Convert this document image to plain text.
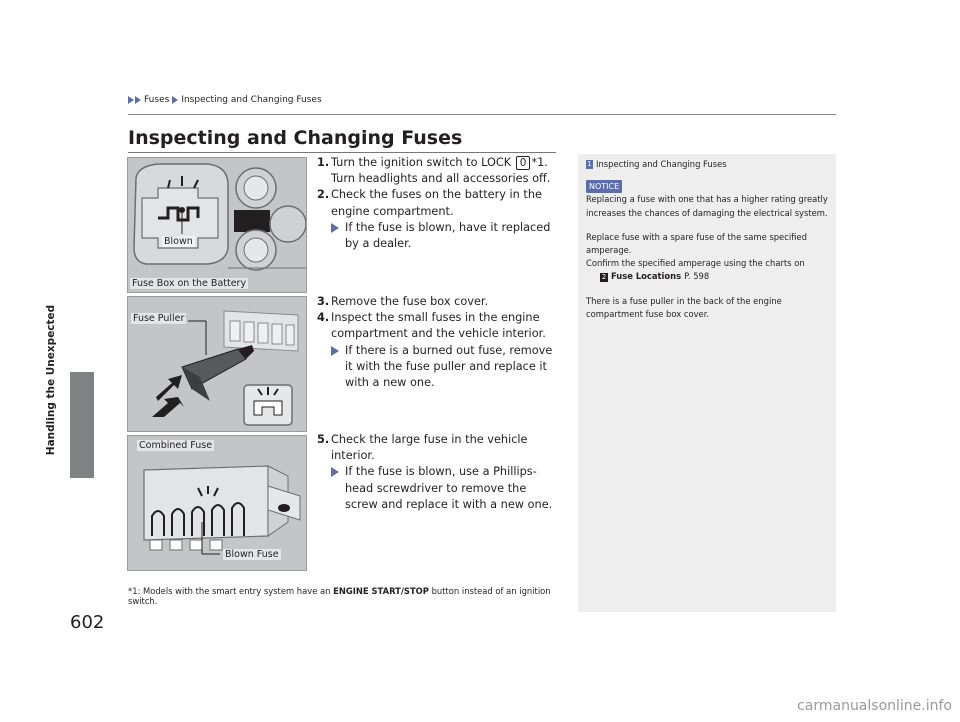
Fuses Inspecting and Changing Fuses
Handling the Unexpected
602
Inspecting and Changing Fuses
Blown
Fuse Box on the Battery
Fuse Puller
Combined Fuse
Blown Fuse
1. Turn the ignition switch to LOCK 0 *1. Turn headlights and all accessories off.
2. Check the fuses on the battery in the engine compartment.
If the fuse is blown, have it replaced by a dealer.
3. Remove the fuse box cover.
4. Inspect the small fuses in the engine compartment and the vehicle interior.
If there is a burned out fuse, remove it with the fuse puller and replace it with a new one.
5. Check the large fuse in the vehicle interior.
If the fuse is blown, use a Phillips-head screwdriver to remove the screw and replace it with a new one.
*1: Models with the smart entry system have an ENGINE START/STOP button instead of an ignition switch.
1 Inspecting and Changing Fuses
NOTICE
Replacing a fuse with one that has a higher rating greatly increases the chances of damaging the electrical system.
Replace fuse with a spare fuse of the same specified amperage.
Confirm the specified amperage using the charts on
2 Fuse Locations P. 598
There is a fuse puller in the back of the engine compartment fuse box cover.
carmanualsonline.info
